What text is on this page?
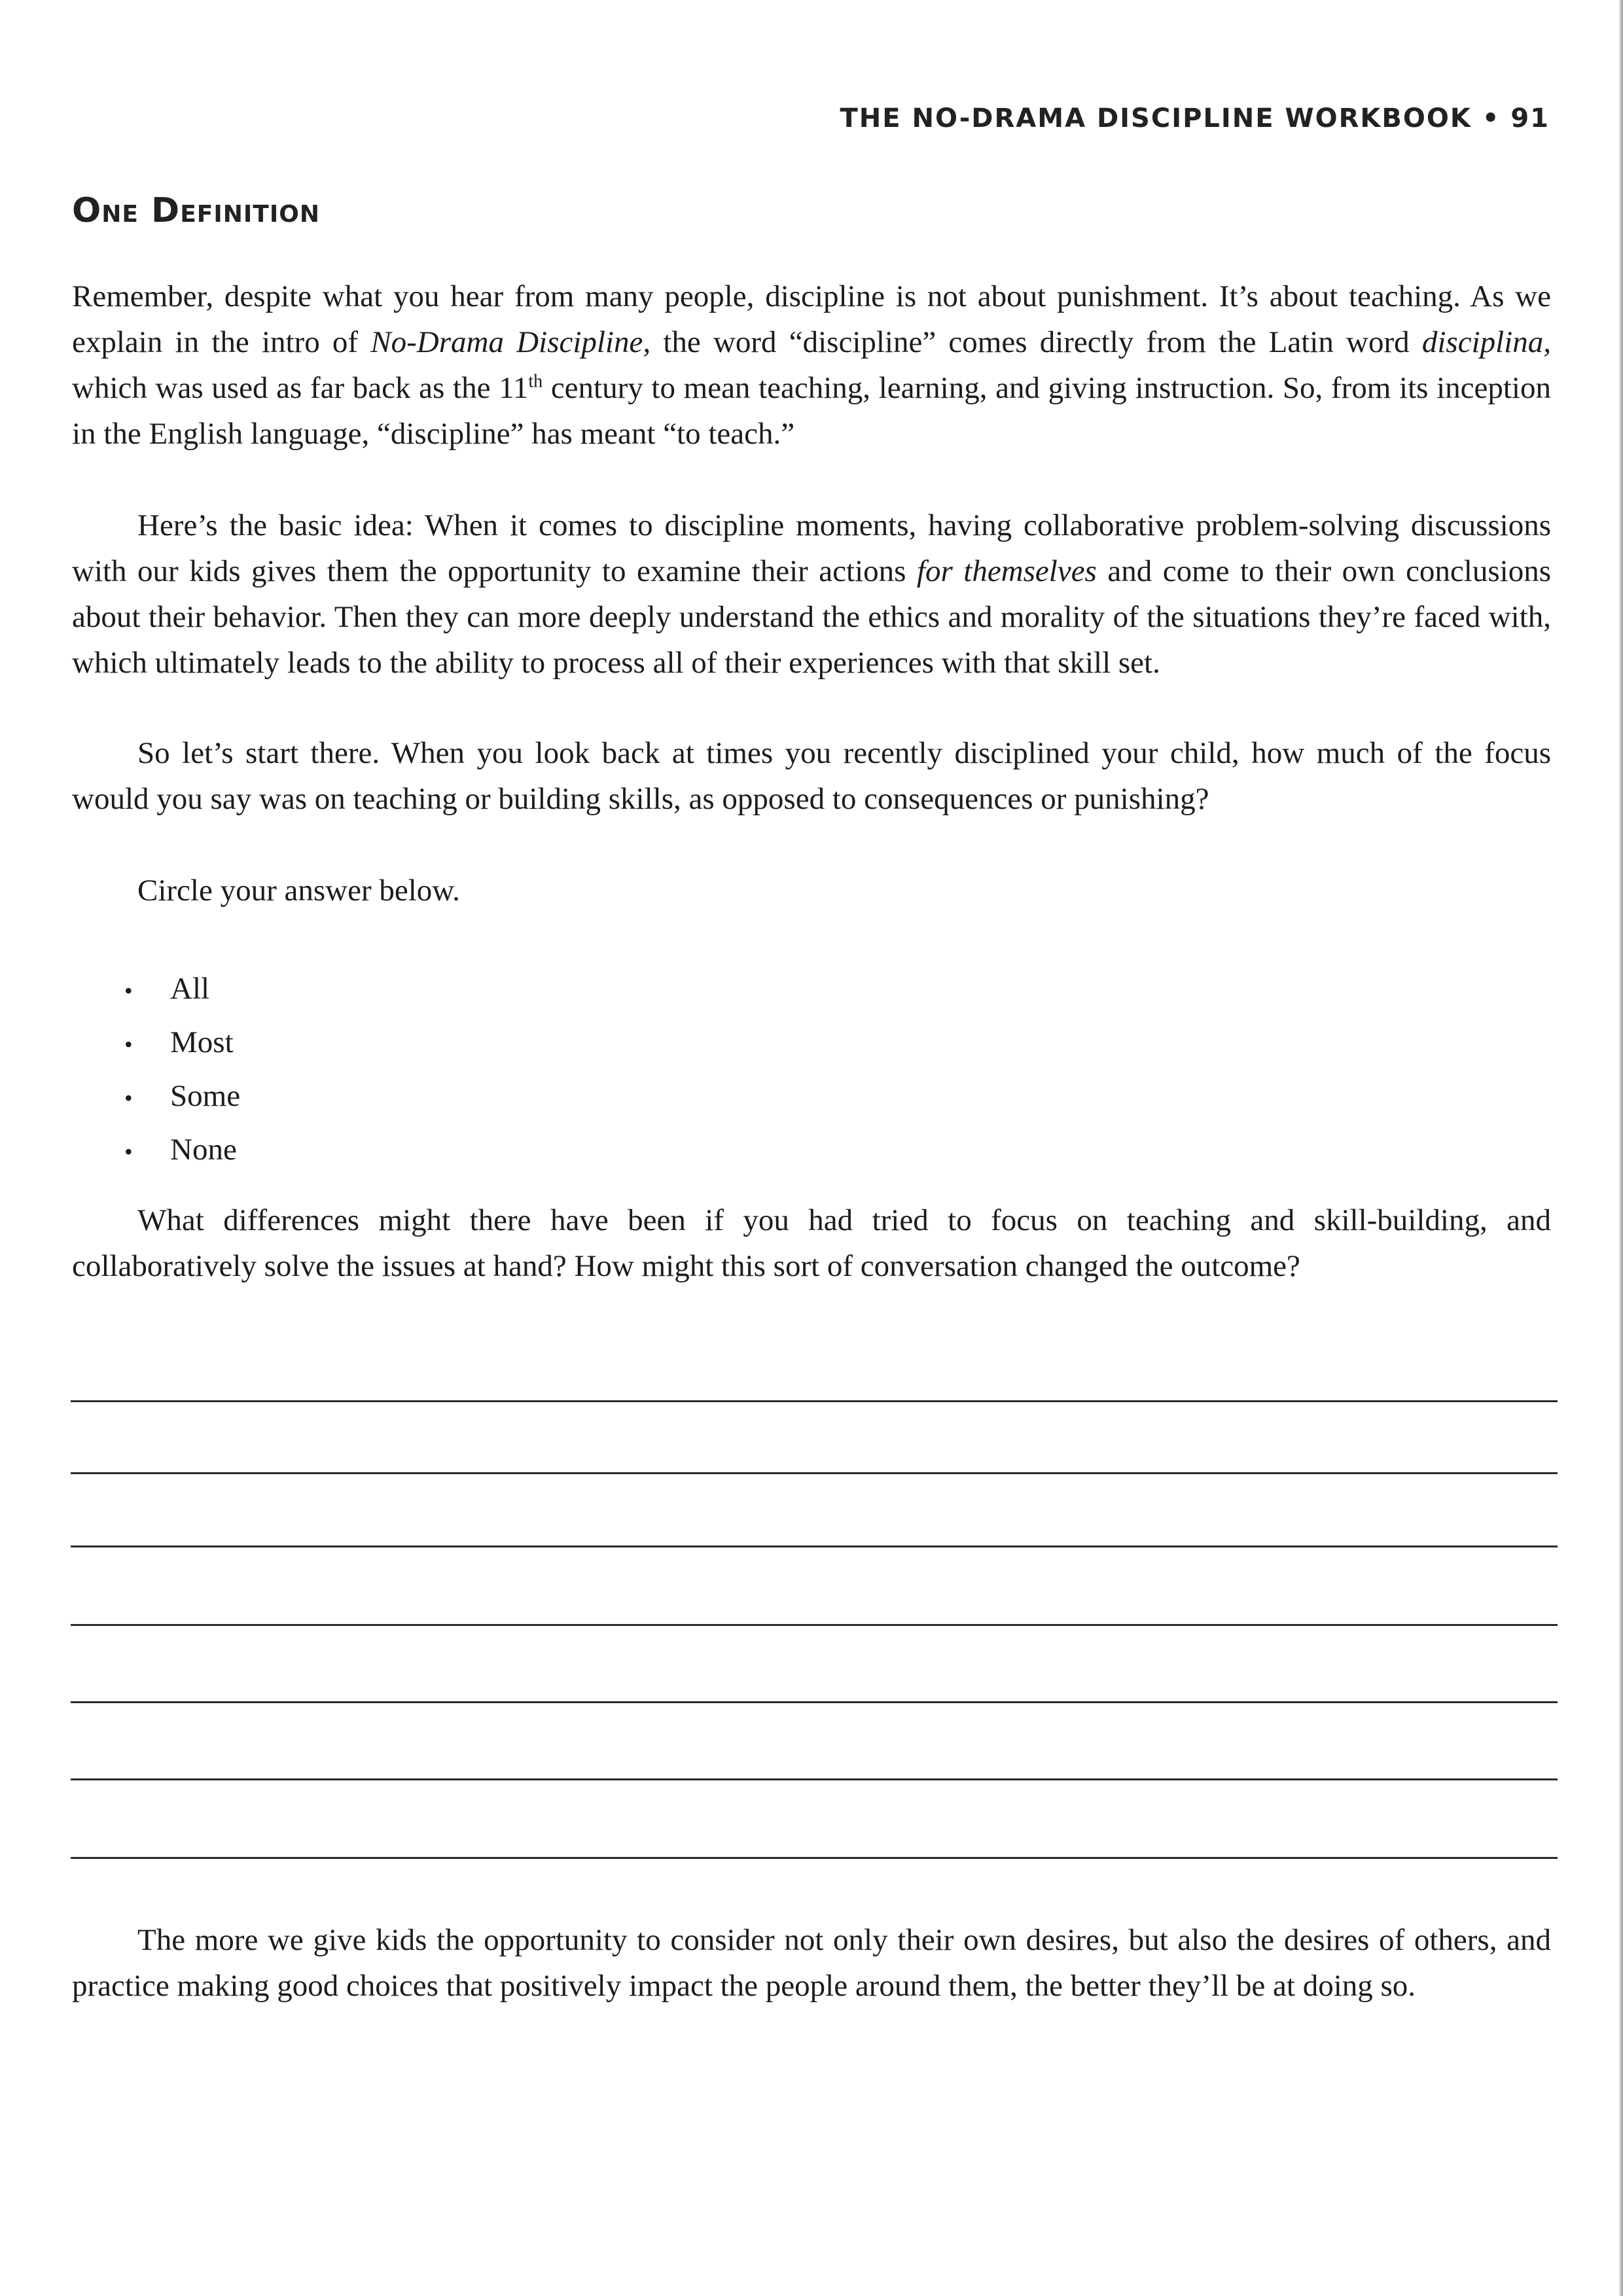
THE NO-DRAMA DISCIPLINE WORKBOOK • 91
One Definition

Remember, despite what you hear from many people, discipline is not about punishment. It’s about teaching. As we explain in the intro of No-Drama Discipline, the word “discipline” comes directly from the Latin word disciplina, which was used as far back as the 11th century to mean teaching, learning, and giving instruction. So, from its inception in the English language, “discipline” has meant “to teach.”

Here’s the basic idea: When it comes to discipline moments, having collaborative problem-solving discussions with our kids gives them the opportunity to examine their actions for themselves and come to their own conclusions about their behavior. Then they can more deeply understand the ethics and morality of the situations they’re faced with, which ultimately leads to the ability to process all of their experiences with that skill set.

So let’s start there. When you look back at times you recently disciplined your child, how much of the focus would you say was on teaching or building skills, as opposed to consequences or punishing?

Circle your answer below.

• All
• Most
• Some
• None

What differences might there have been if you had tried to focus on teaching and skill-building, and collaboratively solve the issues at hand? How might this sort of conversation changed the outcome?

The more we give kids the opportunity to consider not only their own desires, but also the desires of others, and practice making good choices that positively impact the people around them, the better they’ll be at doing so.
